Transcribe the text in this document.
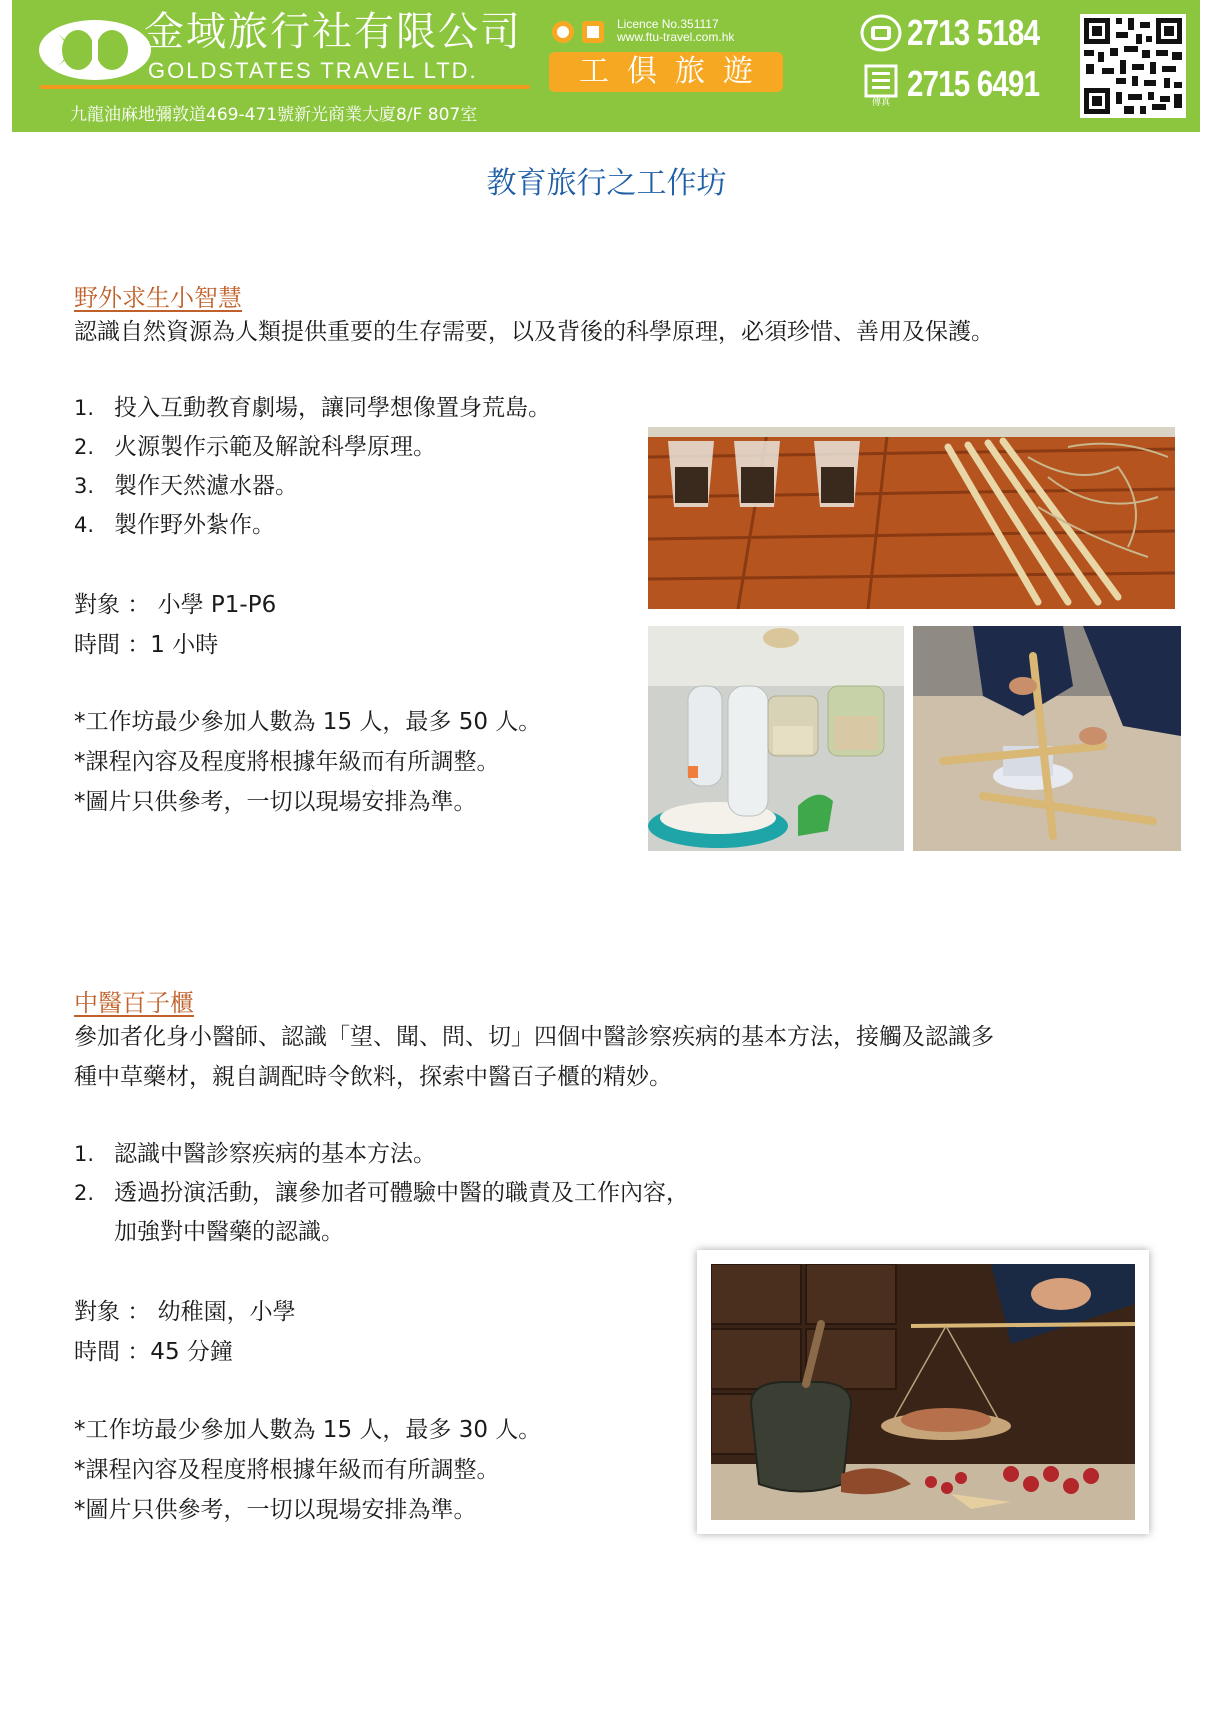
金域旅行社有限公司
GOLDSTATES TRAVEL LTD.
九龍油麻地彌敦道469-471號新光商業大廈8/F 807室
Licence No.351117
www.ftu-travel.com.hk
工俱旅遊
2713 5184
傳真 2715 6491
教育旅行之工作坊
野外求生小智慧
認識自然資源為人類提供重要的生存需要，以及背後的科學原理，必須珍惜、善用及保護。
1. 投入互動教育劇場，讓同學想像置身荒島。
2. 火源製作示範及解說科學原理。
3. 製作天然濾水器。
4. 製作野外紮作。
對象 ： 小學 P1-P6
時間 ：1 小時
*工作坊最少參加人數為 15 人，最多 50 人。
*課程內容及程度將根據年級而有所調整。
*圖片只供參考，一切以現場安排為準。
中醫百子櫃
參加者化身小醫師、認識「望、聞、問、切」四個中醫診察疾病的基本方法，接觸及認識多
種中草藥材，親自調配時令飲料，探索中醫百子櫃的精妙。
1. 認識中醫診察疾病的基本方法。
2. 透過扮演活動，讓參加者可體驗中醫的職責及工作內容，
加強對中醫藥的認識。
對象 ： 幼稚園，小學
時間 ：45 分鐘
*工作坊最少參加人數為 15 人，最多 30 人。
*課程內容及程度將根據年級而有所調整。
*圖片只供參考，一切以現場安排為準。
